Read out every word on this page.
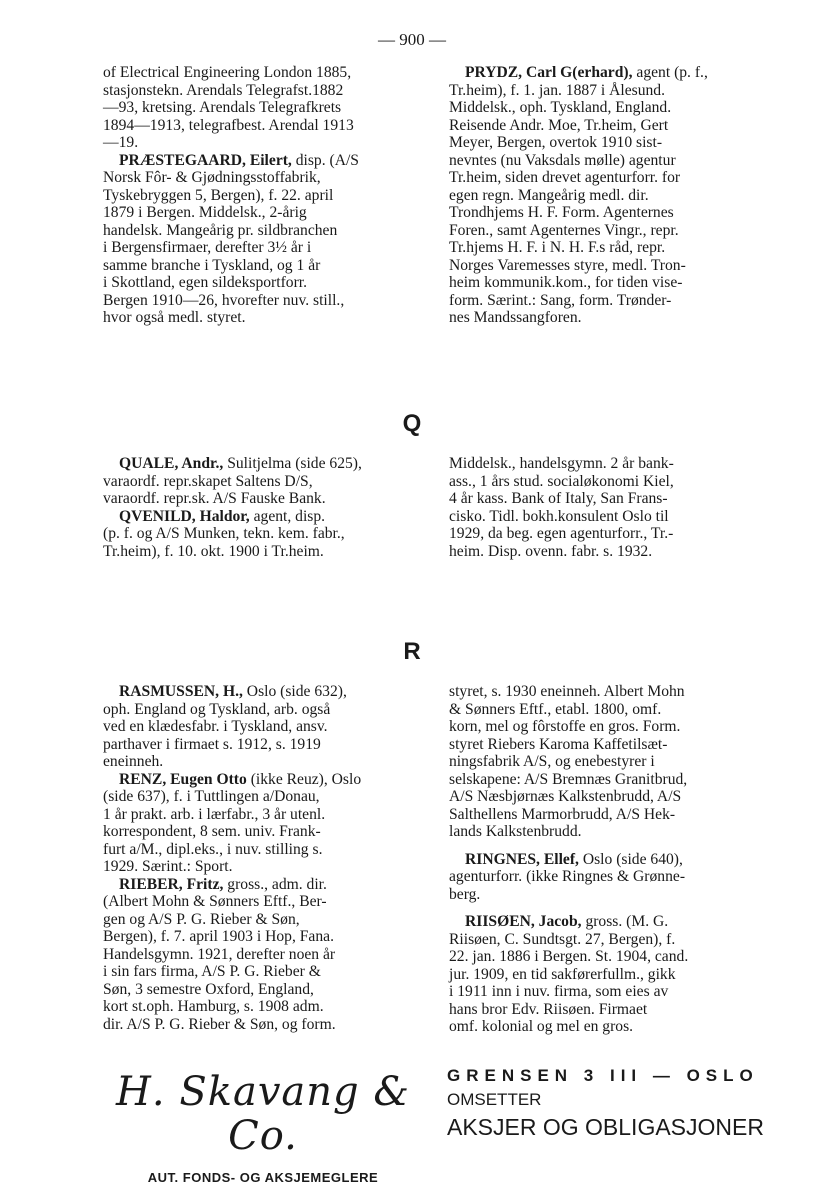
— 900 —

of Electrical Engineering London 1885,
stasjonstekn. Arendals Telegrafst.1882
—93, kretsing. Arendals Telegrafkrets
1894—1913, telegrafbest. Arendal 1913
—19.

PRÆSTEGAARD, Eilert, disp. (A/S
Norsk Fôr- & Gjødningsstoffabrik,
Tyskebryggen 5, Bergen), f. 22. april
1879 i Bergen. Middelsk., 2-årig
handelsk. Mangeårig pr. sildbranchen
i Bergensfirmaer, derefter 3½ år i
samme branche i Tyskland, og 1 år
i Skottland, egen sildeksportforr.
Bergen 1910—26, hvorefter nuv. still.,
hvor også medl. styret.

PRYDZ, Carl G(erhard), agent (p. f.,
Tr.heim), f. 1. jan. 1887 i Ålesund.
Middelsk., oph. Tyskland, England.
Reisende Andr. Moe, Tr.heim, Gert
Meyer, Bergen, overtok 1910 sist-
nevntes (nu Vaksdals mølle) agentur
Tr.heim, siden drevet agenturforr. for
egen regn. Mangeårig medl. dir.
Trondhjems H. F. Form. Agenternes
Foren., samt Agenternes Vingr., repr.
Tr.hjems H. F. i N. H. F.s råd, repr.
Norges Varemesses styre, medl. Tron-
heim kommunik.kom., for tiden vise-
form. Særint.: Sang, form. Trønder-
nes Mandssangforen.

Q

QUALE, Andr., Sulitjelma (side 625),
varaordf. repr.skapet Saltens D/S,
varaordf. repr.sk. A/S Fauske Bank.

QVENILD, Haldor, agent, disp.
(p. f. og A/S Munken, tekn. kem. fabr.,
Tr.heim), f. 10. okt. 1900 i Tr.heim.

Middelsk., handelsgymn. 2 år bank-
ass., 1 års stud. socialøkonomi Kiel,
4 år kass. Bank of Italy, San Frans-
cisko. Tidl. bokh.konsulent Oslo til
1929, da beg. egen agenturforr., Tr.-
heim. Disp. ovenn. fabr. s. 1932.

R

RASMUSSEN, H., Oslo (side 632),
oph. England og Tyskland, arb. også
ved en klædesfabr. i Tyskland, ansv.
parthaver i firmaet s. 1912, s. 1919
eneinneh.

RENZ, Eugen Otto (ikke Reuz), Oslo
(side 637), f. i Tuttlingen a/Donau,
1 år prakt. arb. i lærfabr., 3 år utenl.
korrespondent, 8 sem. univ. Frank-
furt a/M., dipl.eks., i nuv. stilling s.
1929. Særint.: Sport.

RIEBER, Fritz, gross., adm. dir.
(Albert Mohn & Sønners Eftf., Ber-
gen og A/S P. G. Rieber & Søn,
Bergen), f. 7. april 1903 i Hop, Fana.
Handelsgymn. 1921, derefter noen år
i sin fars firma, A/S P. G. Rieber &
Søn, 3 semestre Oxford, England,
kort st.oph. Hamburg, s. 1908 adm.
dir. A/S P. G. Rieber & Søn, og form.

styret, s. 1930 eneinneh. Albert Mohn
& Sønners Eftf., etabl. 1800, omf.
korn, mel og fôrstoffe en gros. Form.
styret Riebers Karoma Kaffetilsæt-
ningsfabrik A/S, og enebestyrer i
selskapene: A/S Bremnæs Granitbrud,
A/S Næsbjørnæs Kalkstenbrudd, A/S
Salthellens Marmorbrudd, A/S Hek-
lands Kalkstenbrudd.

RINGNES, Ellef, Oslo (side 640),
agenturforr. (ikke Ringnes & Grønne-
berg.

RIISØEN, Jacob, gross. (M. G.
Riisøen, C. Sundtsgt. 27, Bergen), f.
22. jan. 1886 i Bergen. St. 1904, cand.
jur. 1909, en tid sakførerfullm., gikk
i 1911 inn i nuv. firma, som eies av
hans bror Edv. Riisøen. Firmaet
omf. kolonial og mel en gros.

H. Skavang & Co.
AUT. FONDS- OG AKSJEMEGLERE
GRENSEN 3 III — OSLO
OMSETTER
AKSJER OG OBLIGASJONER
